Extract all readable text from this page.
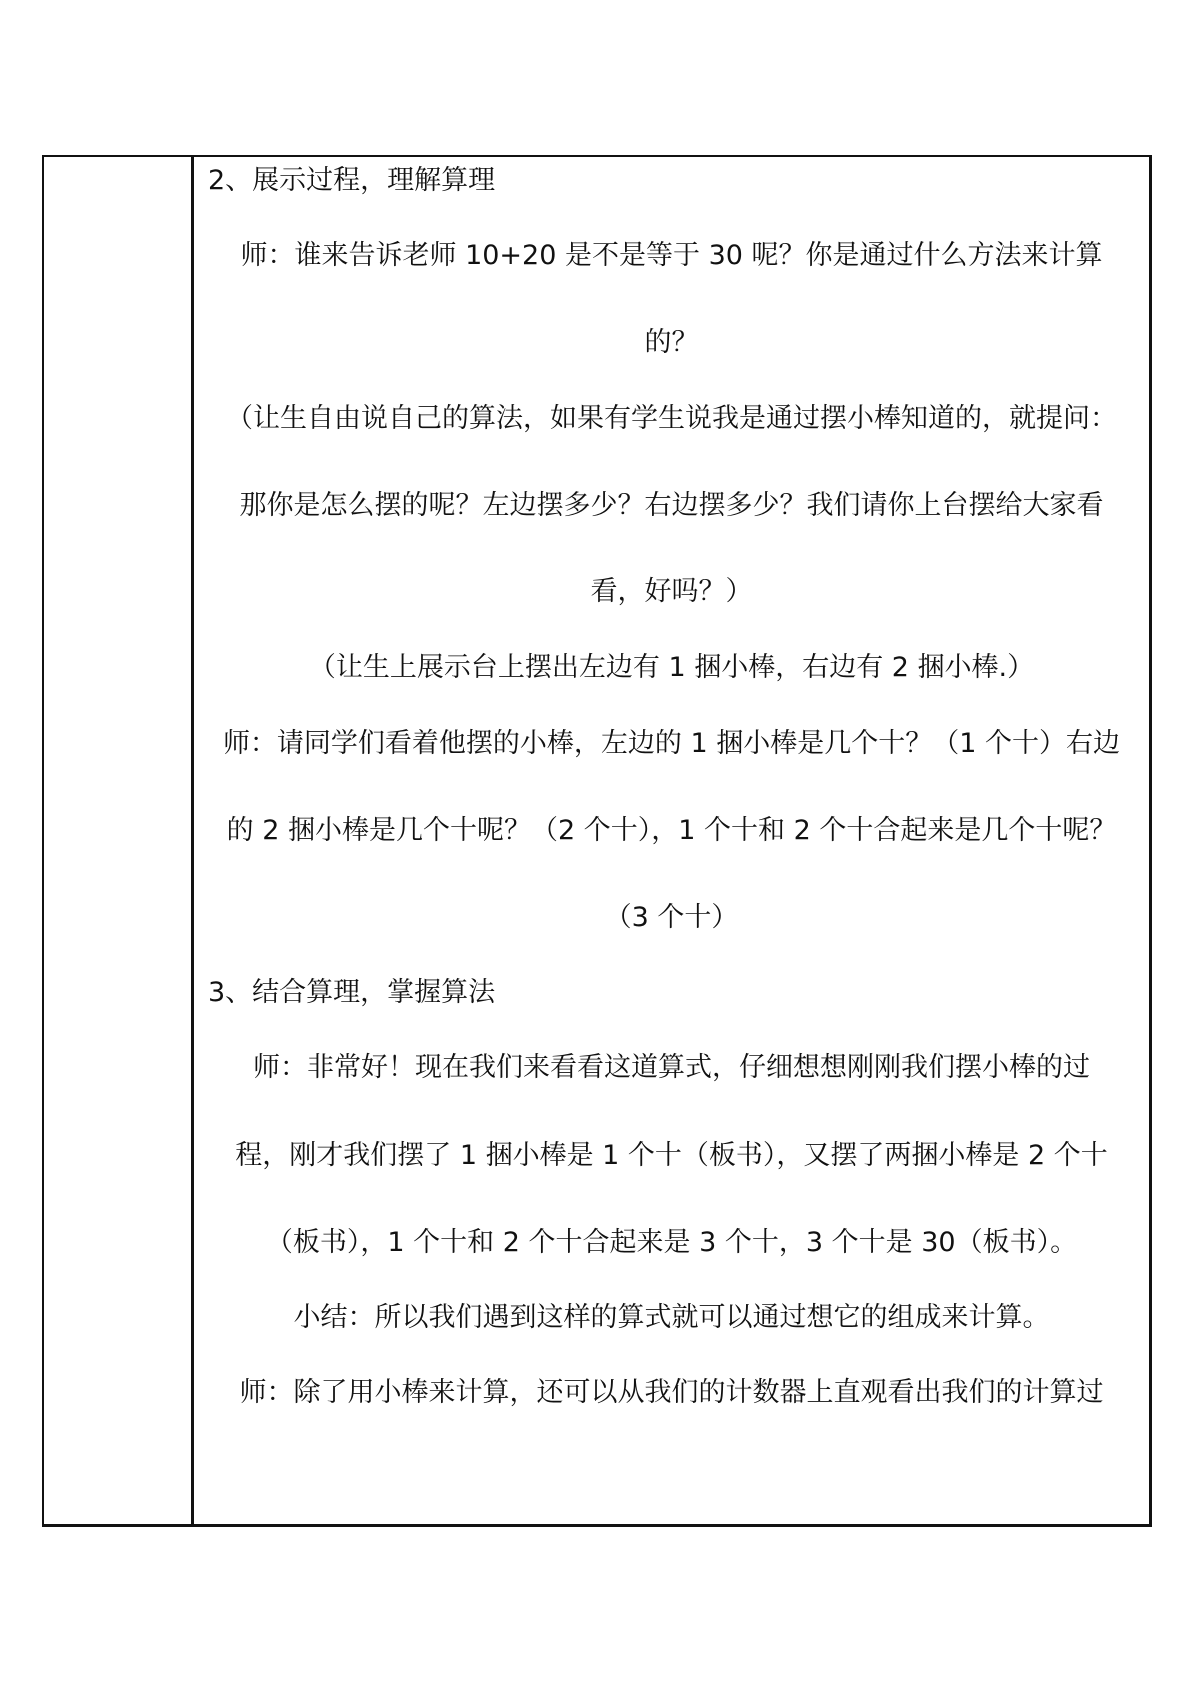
2、展示过程，理解算理
师：谁来告诉老师 10+20 是不是等于 30 呢？你是通过什么方法来计算
的？
（让生自由说自己的算法，如果有学生说我是通过摆小棒知道的，就提问：
那你是怎么摆的呢？左边摆多少？右边摆多少？我们请你上台摆给大家看
看，好吗？）
（让生上展示台上摆出左边有 1 捆小棒，右边有 2 捆小棒.）
师：请同学们看着他摆的小棒，左边的 1 捆小棒是几个十？（1 个十）右边
的 2 捆小棒是几个十呢？（2 个十），1 个十和 2 个十合起来是几个十呢？
（3 个十）
3、结合算理，掌握算法
师：非常好！现在我们来看看这道算式，仔细想想刚刚我们摆小棒的过
程，刚才我们摆了 1 捆小棒是 1 个十（板书），又摆了两捆小棒是 2 个十
（板书），1 个十和 2 个十合起来是 3 个十，3 个十是 30（板书）。
小结：所以我们遇到这样的算式就可以通过想它的组成来计算。
师：除了用小棒来计算，还可以从我们的计数器上直观看出我们的计算过
